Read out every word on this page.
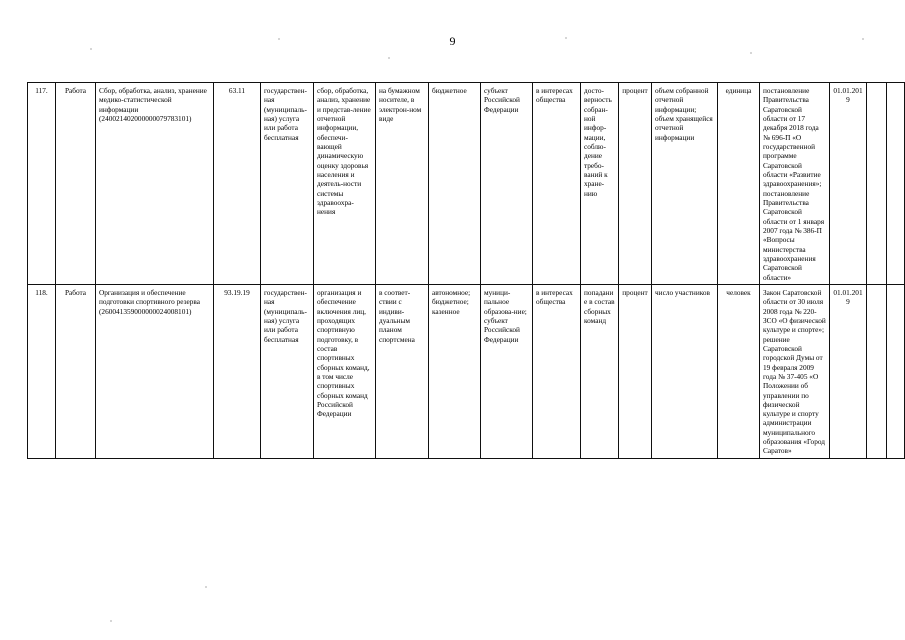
9
117.	Работа	Сбор, обработка, анализ, хранение медико-статистической информации (240021402000000079783101)	63.11	государствен-ная (муниципаль-ная) услуга или работа бесплатная	сбор, обработка, анализ, хранение и представ-ление отчетной информации, обеспечи-вающей динамическую оценку здоровья населения и деятель-ности системы здравоохра-нения	на бумажном носителе, в электрон-ном виде	бюджетное	субъект Российской Федерации	в интересах общества	досто-верность собран-ной инфор-мации, соблю-дение требо-ваний к хране-нию	процент	объем собранной отчетной информации; объем хранящейся отчетной информации	единица	постановление Правительства Саратовской области от 17 декабря 2018 года № 696-П «О государственной программе Саратовской области «Развитие здравоохранения»; постановление Правительства Саратовской области от 1 января 2007 года № 386-П «Вопросы министерства здравоохранения Саратовской области»	01.01.2019		
118.	Работа	Организация и обеспечение подготовки спортивного резерва (260041359000000024008101)	93.19.19	государствен-ная (муниципаль-ная) услуга или работа бесплатная	организация и обеспечение включения лиц, проходящих спортивную подготовку, в состав спортивных сборных команд, в том числе спортивных сборных команд Российской Федерации	в соответ-ствии с индиви-дуальным планом спортсмена	автономное; бюджетное; казенное	муници-пальное образова-ние; субъект Российской Федерации	в интересах общества	попадание в состав сборных команд	процент	число участников	человек	Закон Саратовской области от 30 июля 2008 года № 220-ЗСО «О физической культуре и спорте»; решение Саратовской городской Думы от 19 февраля 2009 года № 37-405 «О Положении об управлении по физической культуре и спорту администрации муниципального образования «Город Саратов»	01.01.2019		
